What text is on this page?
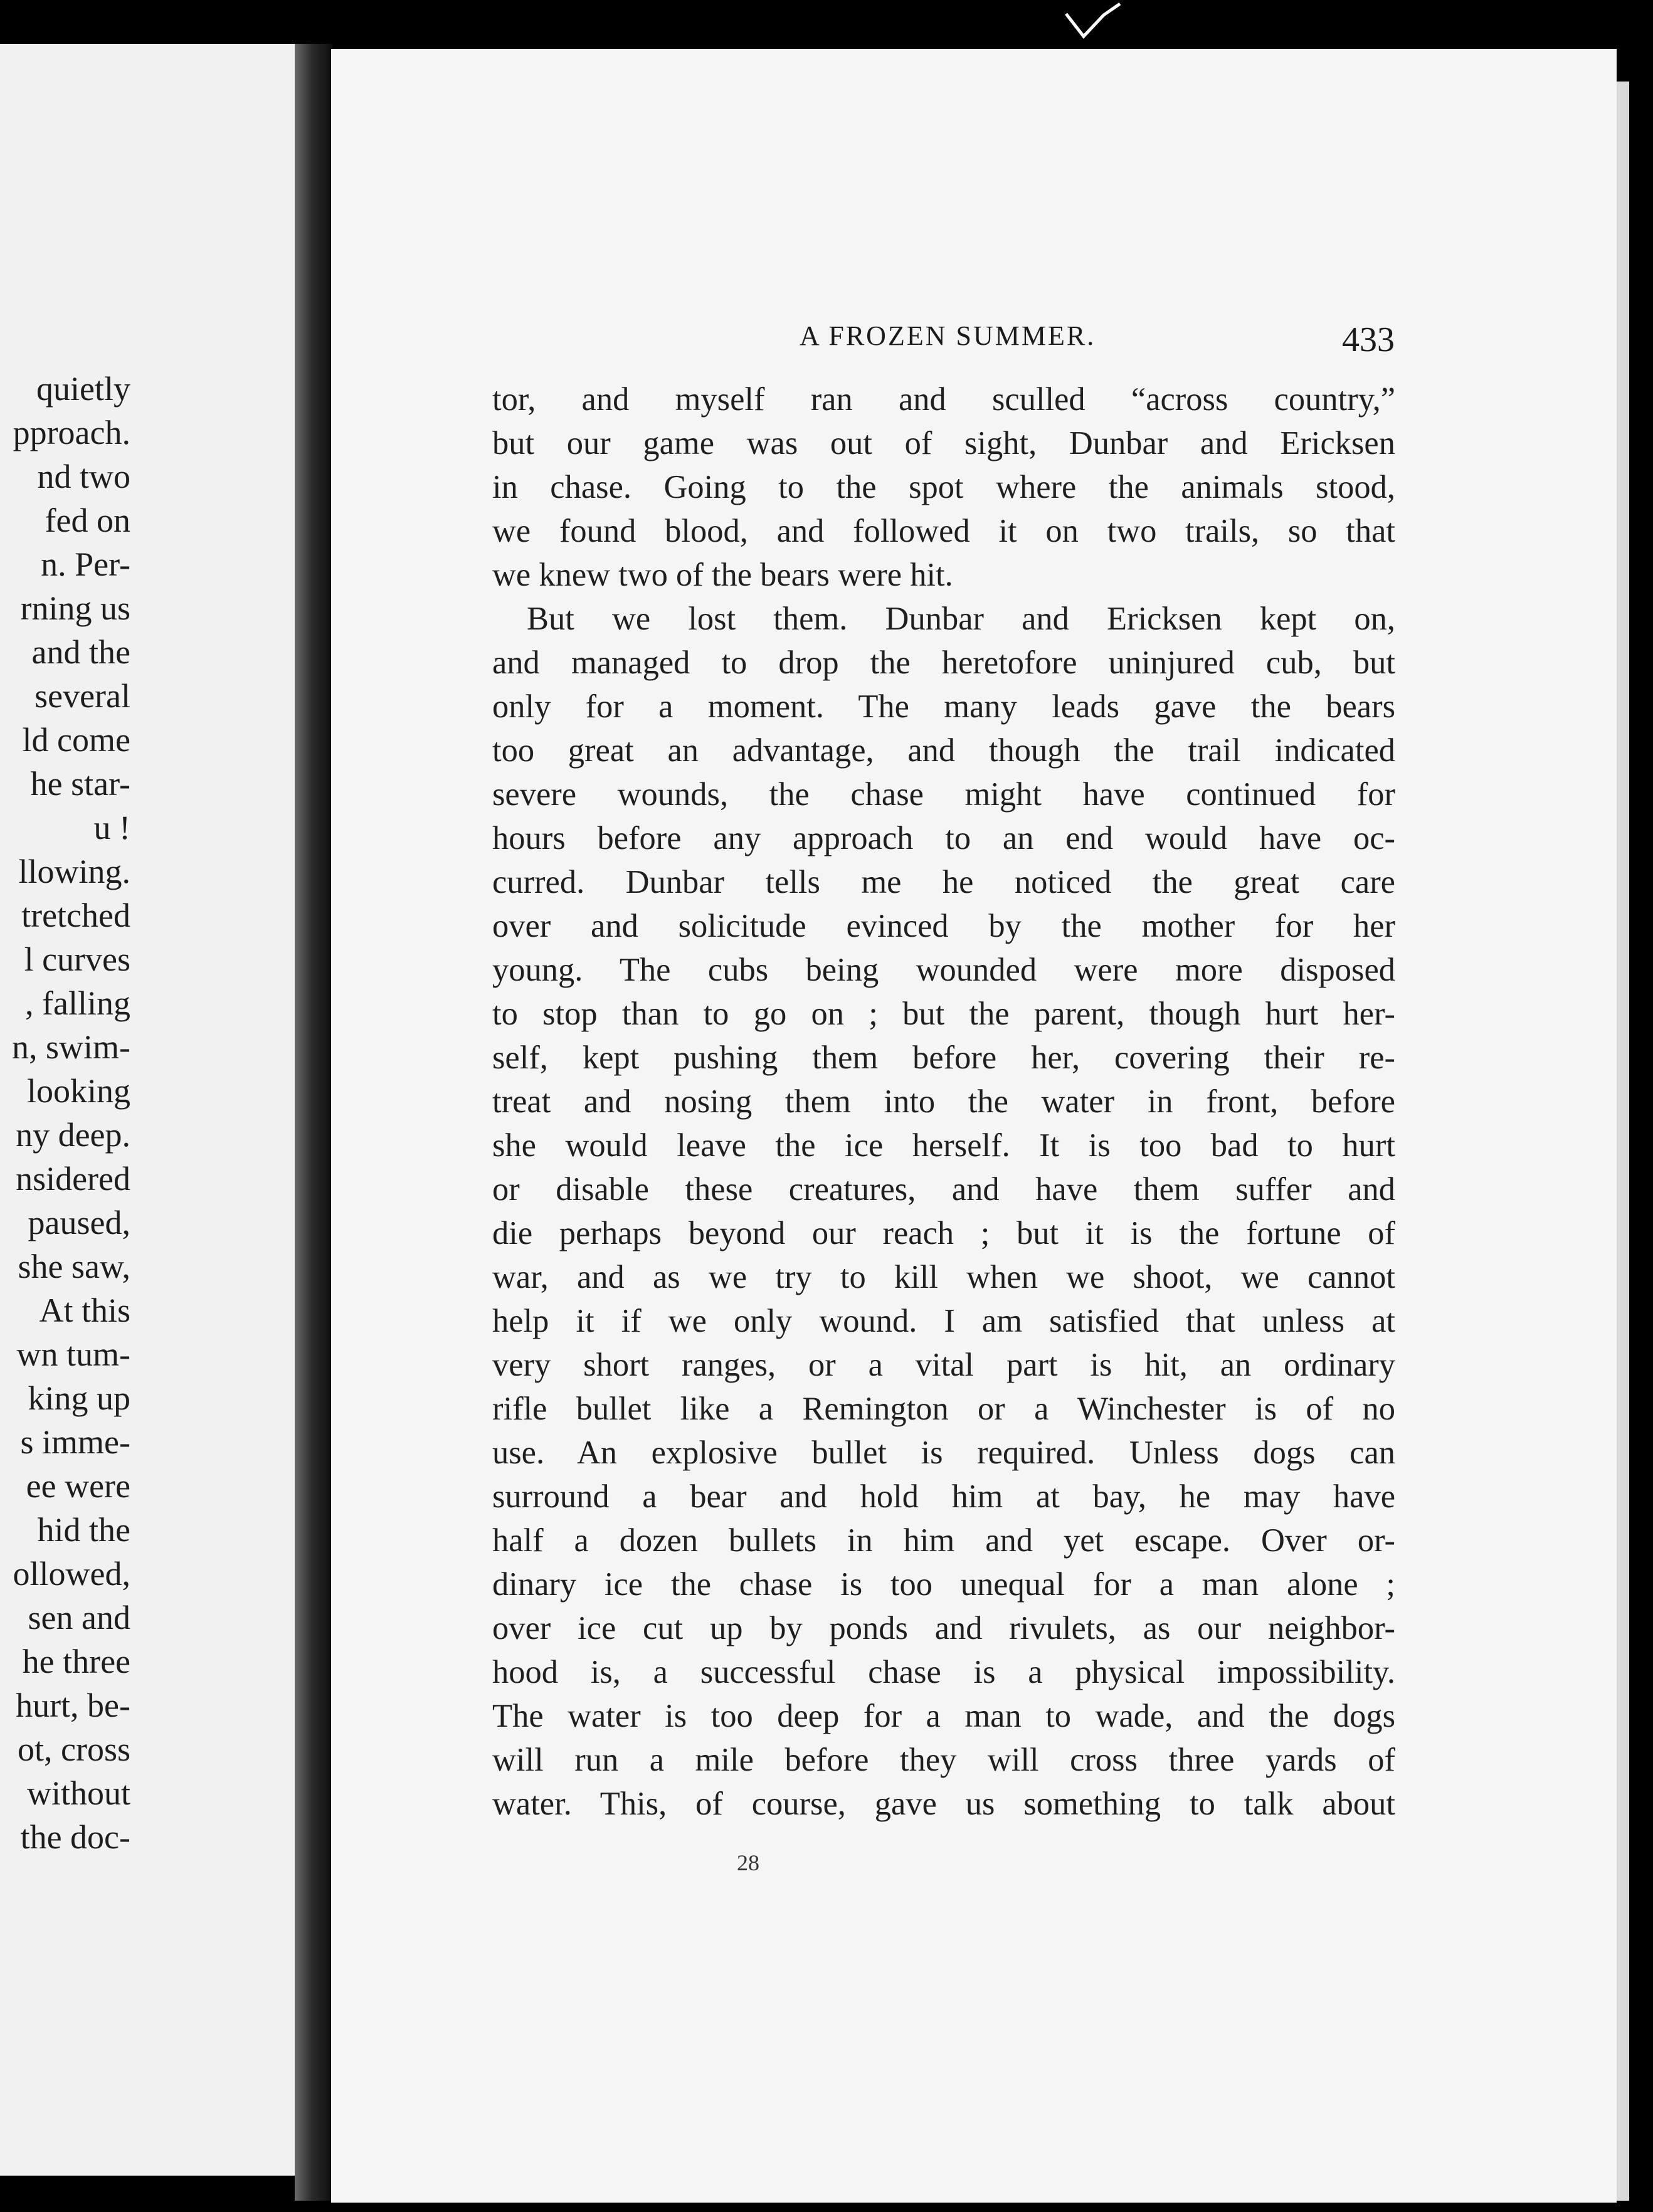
quietly
pproach.
nd two
fed on
n. Per-
rning us
and the
several
ld come
he star-
u !
llowing.
tretched
l curves
, falling
n, swim-
looking
ny deep.
nsidered
paused,
she saw,
At this
wn tum-
king up
s imme-
ee were
hid the
ollowed,
sen and
he three
hurt, be-
ot, cross
without
the doc-
A FROZEN SUMMER.	433
tor, and myself ran and sculled “across country,”
but our game was out of sight, Dunbar and Ericksen
in chase. Going to the spot where the animals stood,
we found blood, and followed it on two trails, so that
we knew two of the bears were hit.
But we lost them. Dunbar and Ericksen kept on,
and managed to drop the heretofore uninjured cub, but
only for a moment. The many leads gave the bears
too great an advantage, and though the trail indicated
severe wounds, the chase might have continued for
hours before any approach to an end would have oc-
curred. Dunbar tells me he noticed the great care
over and solicitude evinced by the mother for her
young. The cubs being wounded were more disposed
to stop than to go on ; but the parent, though hurt her-
self, kept pushing them before her, covering their re-
treat and nosing them into the water in front, before
she would leave the ice herself. It is too bad to hurt
or disable these creatures, and have them suffer and
die perhaps beyond our reach ; but it is the fortune of
war, and as we try to kill when we shoot, we cannot
help it if we only wound. I am satisfied that unless at
very short ranges, or a vital part is hit, an ordinary
rifle bullet like a Remington or a Winchester is of no
use. An explosive bullet is required. Unless dogs can
surround a bear and hold him at bay, he may have
half a dozen bullets in him and yet escape. Over or-
dinary ice the chase is too unequal for a man alone ;
over ice cut up by ponds and rivulets, as our neighbor-
hood is, a successful chase is a physical impossibility.
The water is too deep for a man to wade, and the dogs
will run a mile before they will cross three yards of
water. This, of course, gave us something to talk about
28
